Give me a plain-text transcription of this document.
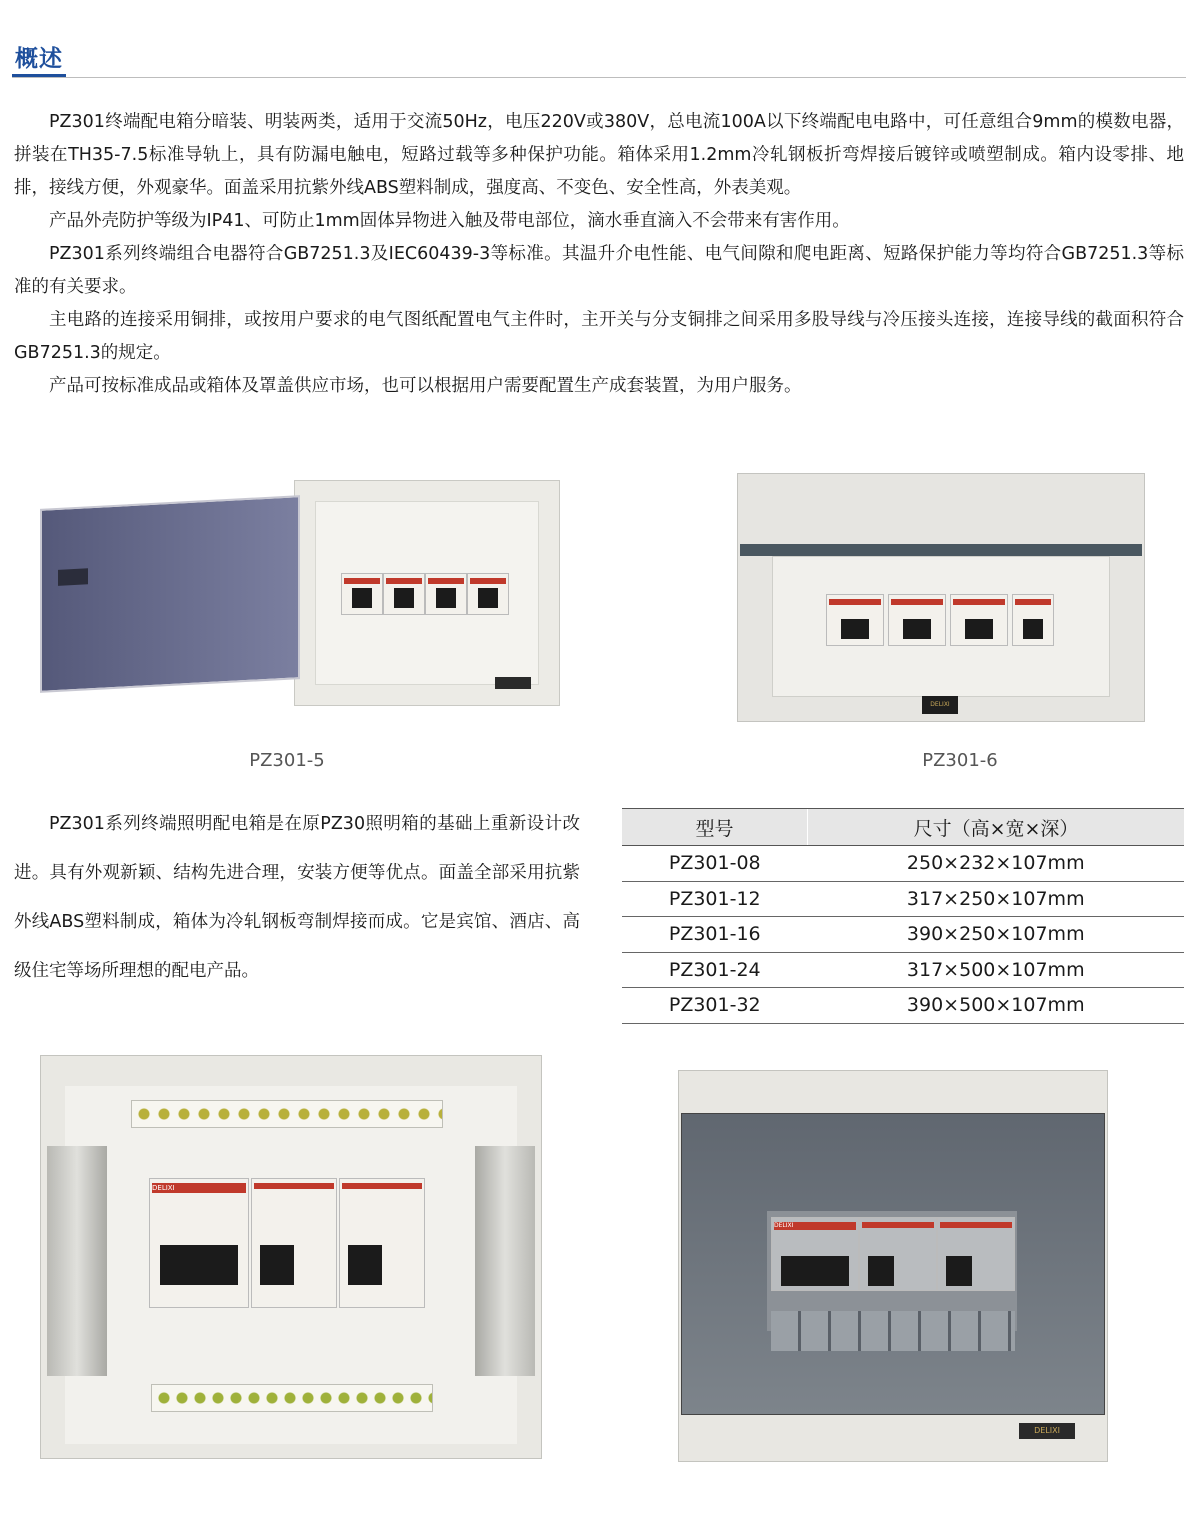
概述

PZ301终端配电箱分暗装、明装两类，适用于交流50Hz，电压220V或380V，总电流100A以下终端配电电路中，可任意组合9mm的模数电器，拼装在TH35-7.5标准导轨上，具有防漏电触电，短路过载等多种保护功能。箱体采用1.2mm冷轧钢板折弯焊接后镀锌或喷塑制成。箱内设零排、地排，接线方便，外观豪华。面盖采用抗紫外线ABS塑料制成，强度高、不变色、安全性高，外表美观。

产品外壳防护等级为IP41、可防止1mm固体异物进入触及带电部位，滴水垂直滴入不会带来有害作用。

PZ301系列终端组合电器符合GB7251.3及IEC60439-3等标准。其温升介电性能、电气间隙和爬电距离、短路保护能力等均符合GB7251.3等标准的有关要求。

主电路的连接采用铜排，或按用户要求的电气图纸配置电气主件时，主开关与分支铜排之间采用多股导线与冷压接头连接，连接导线的截面积符合GB7251.3的规定。

产品可按标准成品或箱体及罩盖供应市场，也可以根据用户需要配置生产成套装置，为用户服务。

DELIXI
PZ301-5	PZ301-6

PZ301系列终端照明配电箱是在原PZ30照明箱的基础上重新设计改进。具有外观新颖、结构先进合理，安装方便等优点。面盖全部采用抗紫外线ABS塑料制成，箱体为冷轧钢板弯制焊接而成。它是宾馆、酒店、高级住宅等场所理想的配电产品。

型号	尺寸（高×宽×深）
PZ301-08	250×232×107mm
PZ301-12	317×250×107mm
PZ301-16	390×250×107mm
PZ301-24	317×500×107mm
PZ301-32	390×500×107mm
DELIXI
DELIXI
DELIXI
